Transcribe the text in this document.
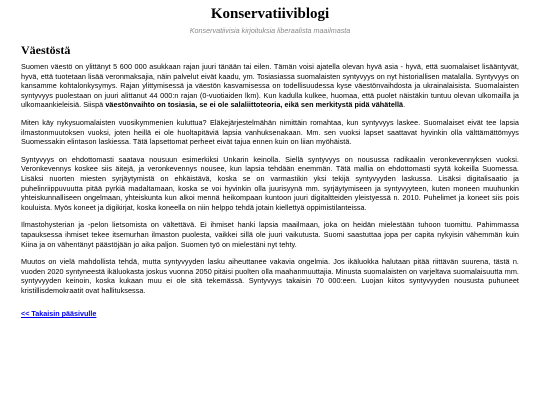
Konservatiiviblogi
Konservatiivisia kirjoituksia liberaalista maailmasta
Väestöstä

Suomen väestö on ylittänyt 5 600 000 asukkaan rajan juuri tänään tai eilen. Tämän voisi ajatella olevan hyvä asia - hyvä, että suomalaiset lisääntyvät, hyvä, että tuotetaan lisää veronmaksajia, näin palvelut eivät kaadu, ym. Tosiasiassa suomalaisten syntyvyys on nyt historiallisen matalalla. Syntyvyys on kansamme kohtalonkysymys. Rajan ylittymisessä ja väestön kasvamisessa on todellisuudessa kyse väestönvaihdosta ja ukrainalaisista. Suomalaisten syntyvyys puolestaan on juuri alittanut 44 000:n rajan (0-vuotiaiden lkm). Kun kadulla kulkee, huomaa, että puolet näistäkin tuntuu olevan ulkomailla ja ulkomaankieleisiä. Siispä väestönvaihto on tosiasia, se ei ole salaliittoteoria, eikä sen merkitystä pidä vähätellä.

Miten käy nykysuomalaisten vuosikymmenien kuluttua? Eläkejärjestelmähän nimittäin romahtaa, kun syntyvyys laskee. Suomalaiset eivät tee lapsia ilmastonmuutoksen vuoksi, joten heillä ei ole huoltapitäviä lapsia vanhuksenakaan. Mm. sen vuoksi lapset saattavat hyvinkin olla välttämättömyys Suomessakin elintason laskiessa. Tätä lapsettomat perheet eivät tajua ennen kuin on liian myöhäistä.

Syntyvyys on ehdottomasti saatava nousuun esimerkiksi Unkarin keinolla. Siellä syntyvyys on nousussa radikaalin veronkevennyksen vuoksi. Veronkevennys koskee siis äitejä, ja veronkevennys nousee, kun lapsia tehdään enemmän. Tätä mallia on ehdottomasti syytä kokeilla Suomessa. Lisäksi nuorten miesten syrjäytymistä on ehkäistävä, koska se on varmastikin yksi tekijä syntyvyyden laskussa. Lisäksi digitalisaatio ja puhelinriippuvuutta pitää pyrkiä madaltamaan, koska se voi hyvinkin olla juurisyynä mm. syrjäytymiseen ja syntyvyyteen, kuten moneen muuhunkin yhteiskunnalliseen ongelmaan, yhteiskunta kun alkoi mennä heikompaan kuntoon juuri digitaltteiden yleistyessä n. 2010. Puhelimet ja koneet siis pois kouluista. Myös koneet ja digikirjat, koska koneella on niin helppo tehdä jotain kiellettyä oppimistilanteissa.

Ilmastohysterian ja -pelon lietsomista on vältettävä. Ei ihmiset hanki lapsia maailmaan, joka on heidän mielestään tuhoon tuomittu. Pahimmassa tapauksessa ihmiset tekee itsemurhan ilmaston puolesta, vaikkei sillä ole juuri vaikutusta. Suomi saastuttaa jopa per capita nykyisin vähemmän kuin Kiina ja on vähentänyt päästöjään jo aika paljon. Suomen työ on mielestäni nyt tehty.

Muutos on vielä mahdollista tehdä, mutta syntyvyyden lasku aiheuttanee vakavia ongelmia. Jos ikäluokka halutaan pitää riittävän suurena, tästä n. vuoden 2020 syntyneestä ikäluokasta joskus vuonna 2050 pitäisi puolten olla maahanmuuttajia. Minusta suomalaisten on varjeltava suomalaisuutta mm. syntyvyyden keinoin, koska kukaan muu ei ole sitä tekemässä. Syntyvyys takaisin 70 000:een. Luojan kiitos syntyvyyden noususta puhuneet kristillisdemokraatit ovat hallituksessa.

<< Takaisin pääsivulle
